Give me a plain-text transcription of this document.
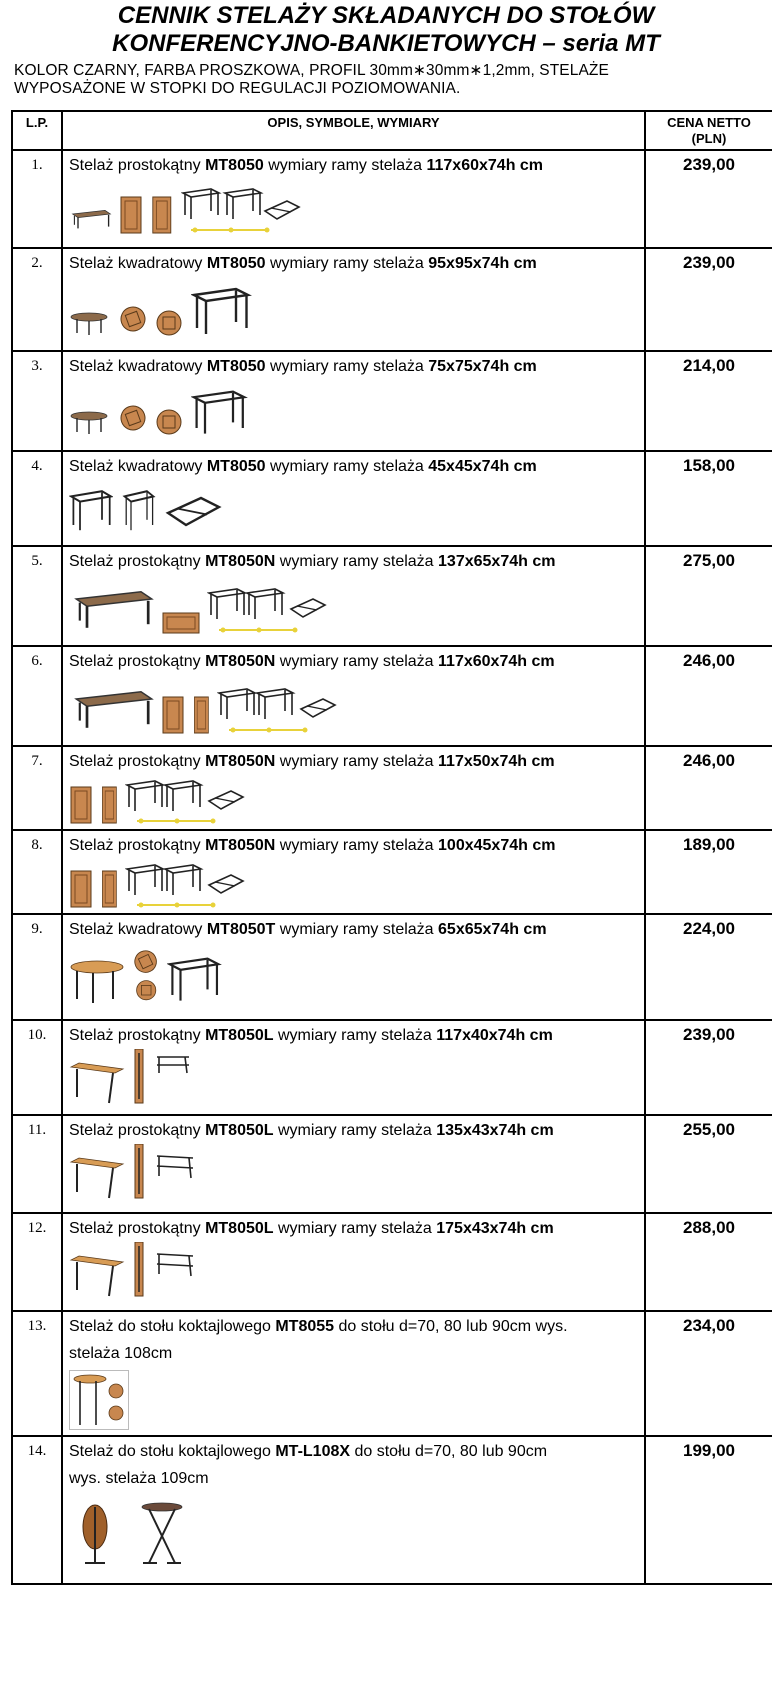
CENNIK STELAŻY SKŁADANYCH DO STOŁÓW
KONFERENCYJNO-BANKIETOWYCH – seria MT
KOLOR CZARNY, FARBA PROSZKOWA, PROFIL 30mm∗30mm∗1,2mm, STELAŻE
WYPOSAŻONE W STOPKI DO REGULACJI POZIOMOWANIA.
L.P.	OPIS, SYMBOLE, WYMIARY	CENA NETTO
(PLN)

1.	Stelaż prostokątny MT8050 wymiary ramy stelaża 117x60x74h cm	239,00
2.	Stelaż kwadratowy MT8050 wymiary ramy stelaża 95x95x74h cm	239,00
3.	Stelaż kwadratowy MT8050 wymiary ramy stelaża 75x75x74h cm	214,00
4.	Stelaż kwadratowy MT8050 wymiary ramy stelaża 45x45x74h cm	158,00
5.	Stelaż prostokątny MT8050N wymiary ramy stelaża 137x65x74h cm	275,00
6.	Stelaż prostokątny MT8050N wymiary ramy stelaża 117x60x74h cm	246,00
7.	Stelaż prostokątny MT8050N wymiary ramy stelaża 117x50x74h cm	246,00
8.	Stelaż prostokątny MT8050N wymiary ramy stelaża 100x45x74h cm	189,00
9.	Stelaż kwadratowy MT8050T wymiary ramy stelaża 65x65x74h cm	224,00
10.	Stelaż prostokątny MT8050L wymiary ramy stelaża 117x40x74h cm	239,00
11.	Stelaż prostokątny MT8050L wymiary ramy stelaża 135x43x74h cm	255,00
12.	Stelaż prostokątny MT8050L wymiary ramy stelaża 175x43x74h cm	288,00
13.	Stelaż do stołu koktajlowego MT8055 do stołu d=70, 80 lub 90cm wys.
stelaża 108cm	234,00
14.	Stelaż do stołu koktajlowego MT-L108X do stołu d=70, 80 lub 90cm
wys. stelaża 109cm	199,00
